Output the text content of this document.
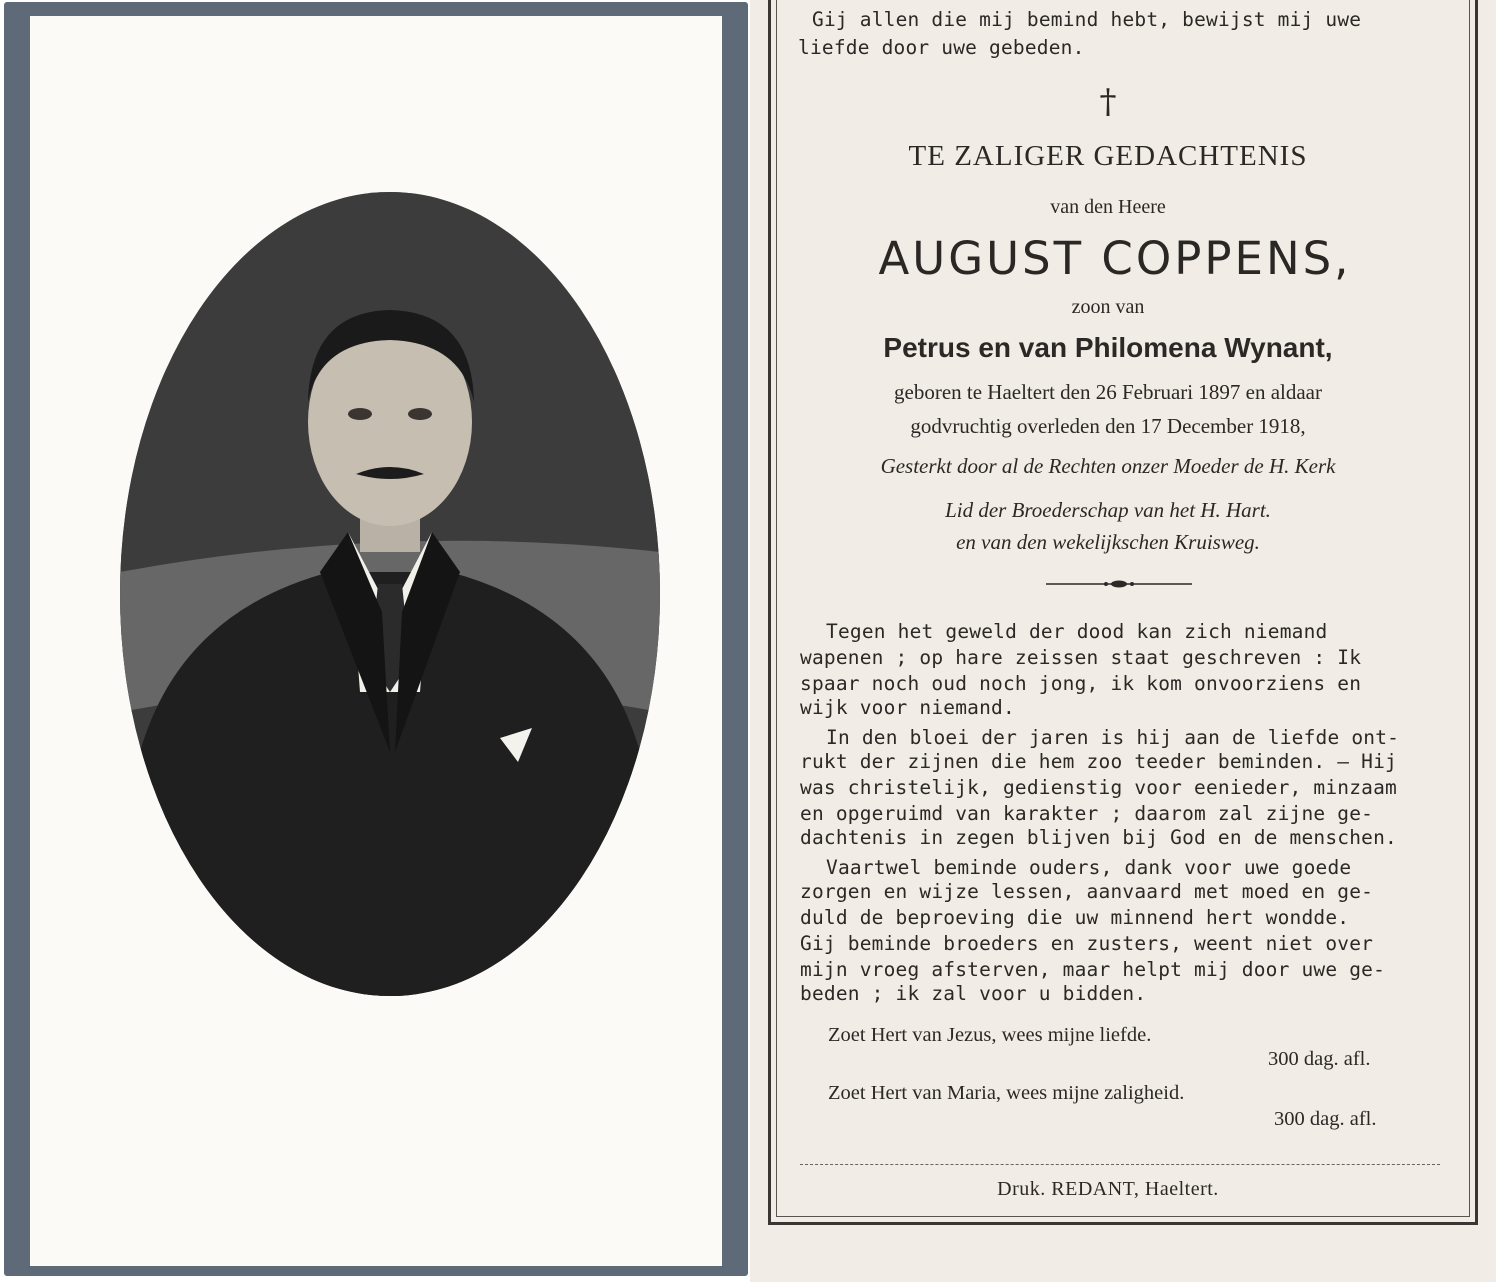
Gij allen die mij bemind hebt, bewijst mij uwe

liefde door uwe gebeden.

†

TE ZALIGER GEDACHTENIS

van den Heere

AUGUST COPPENS,

zoon van

Petrus en van Philomena Wynant,

geboren te Haeltert den 26 Februari 1897 en aldaar

godvruchtig overleden den 17 December 1918,

Gesterkt door al de Rechten onzer Moeder de H. Kerk

Lid der Broederschap van het H. Hart.

en van den wekelijkschen Kruisweg.

Tegen het geweld der dood kan zich niemand

wapenen ; op hare zeissen staat geschreven : Ik

spaar noch oud noch jong, ik kom onvoorziens en

wijk voor niemand.

In den bloei der jaren is hij aan de liefde ont-

rukt der zijnen die hem zoo teeder beminden. — Hij

was christelijk, gedienstig voor eenieder, minzaam

en opgeruimd van karakter ; daarom zal zijne ge-

dachtenis in zegen blijven bij God en de menschen.

Vaartwel beminde ouders, dank voor uwe goede

zorgen en wijze lessen, aanvaard met moed en ge-

duld de beproeving die uw minnend hert wondde.

Gij beminde broeders en zusters, weent niet over

mijn vroeg afsterven, maar helpt mij door uwe ge-

beden ; ik zal voor u bidden.

Zoet Hert van Jezus, wees mijne liefde.

300 dag. afl.

Zoet Hert van Maria, wees mijne zaligheid.

300 dag. afl.

Druk. REDANT, Haeltert.
